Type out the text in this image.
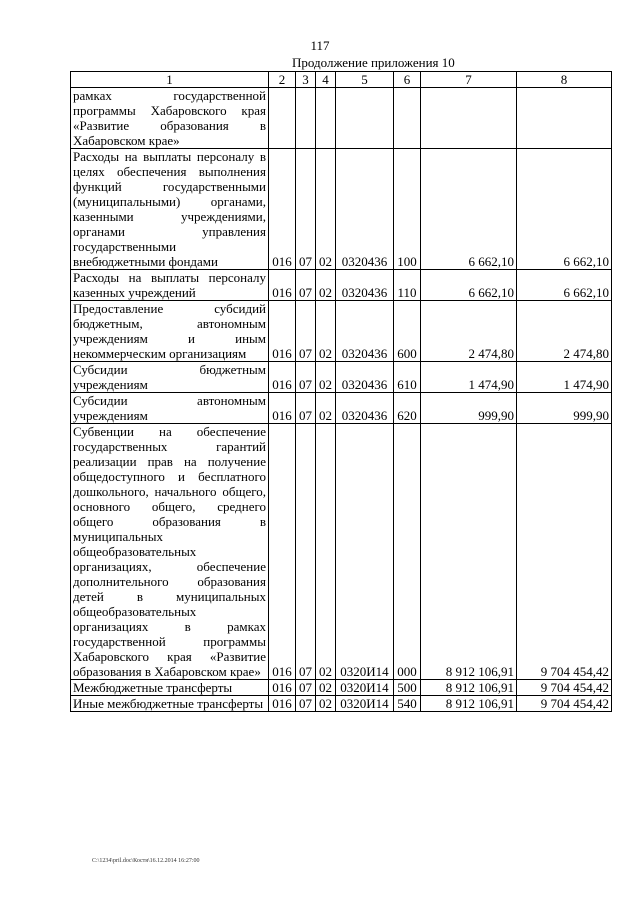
117
Продолжение приложения 10
1	2	3	4	5	6	7	8
рамках государственной программы Хабаровского края «Развитие образования в Хабаровском крае»							
Расходы на выплаты персоналу в целях обеспечения выполнения функций государственными (муниципальными) органами, казенными учреждениями, органами управления государственными внебюджетными фондами	016	07	02	0320436	100	6 662,10	6 662,10
Расходы на выплаты персоналу казенных учреждений	016	07	02	0320436	110	6 662,10	6 662,10
Предоставление субсидий бюджетным, автономным учреждениям и иным некоммерческим организациям	016	07	02	0320436	600	2 474,80	2 474,80
Субсидии бюджетным учреждениям	016	07	02	0320436	610	1 474,90	1 474,90
Субсидии автономным учреждениям	016	07	02	0320436	620	999,90	999,90
Субвенции на обеспечение государственных гарантий реализации прав на получение общедоступного и бесплатного дошкольного, начального общего, основного общего, среднего общего образования в муниципальных общеобразовательных организациях, обеспечение дополнительного образования детей в муниципальных общеобразовательных организациях в рамках государственной программы Хабаровского края «Развитие образования в Хабаровском крае»	016	07	02	0320И14	000	8 912 106,91	9 704 454,42
Межбюджетные трансферты	016	07	02	0320И14	500	8 912 106,91	9 704 454,42
Иные межбюджетные трансферты	016	07	02	0320И14	540	8 912 106,91	9 704 454,42
C:\1234\pril.doc\Костя\16.12.2014 16:27:00
